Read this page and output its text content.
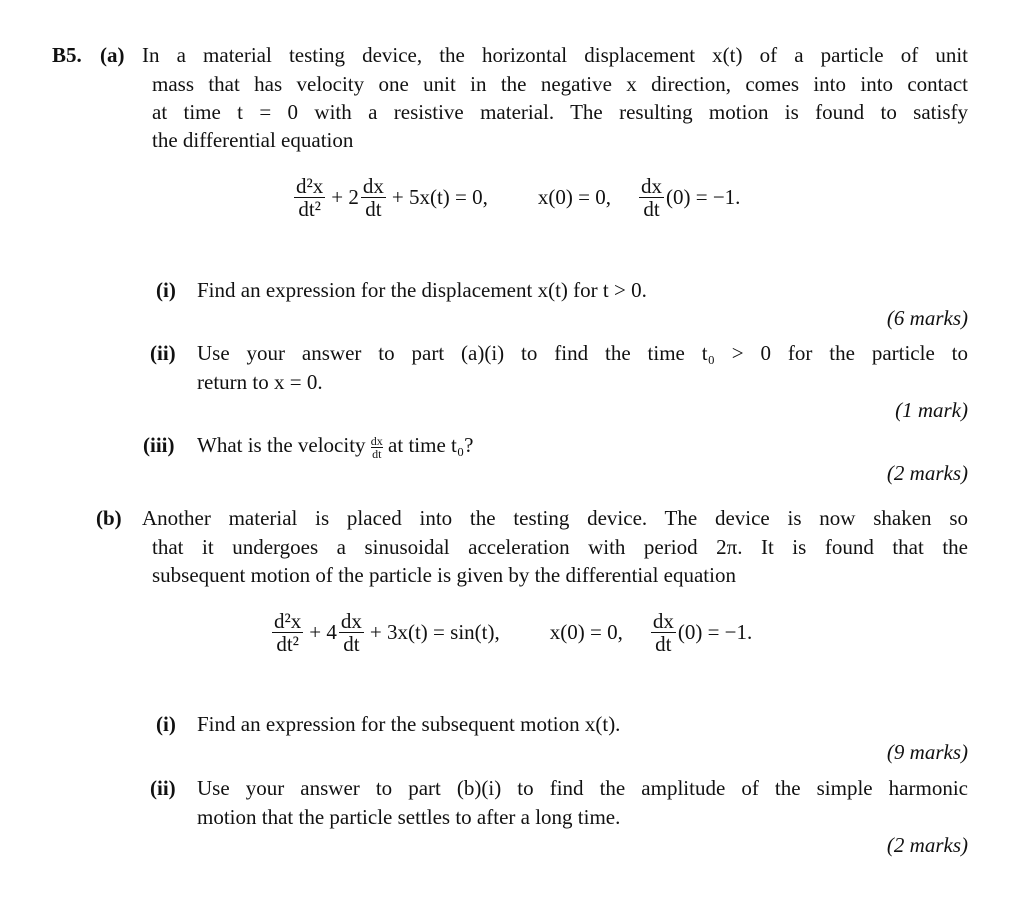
B5. (a) In a material testing device, the horizontal displacement x(t) of a particle of unit
mass that has velocity one unit in the negative x direction, comes into into contact
at time t = 0 with a resistive material. The resulting motion is found to satisfy
the differential equation
$\frac{\text{d²x}}{\text{dt²}} + 2 \frac{dx}{dt} + 5x(t) = 0$, x(0) = 0, $\frac{dx}{dt} (0) = -1$.
(i) Find an expression for the displacement x(t) for t > 0.
(6 marks)
(ii) Use your answer to part (a)(i) to find the time t₀ > 0 for the particle to
return to x = 0.
(1 mark)
(iii) What is the velocity $\frac{dx}{dt}$ at time t₀?
(2 marks)
(b) Another material is placed into the testing device. The device is now shaken so
that it undergoes a sinusoidal acceleration with period 2π. It is found that the
subsequent motion of the particle is given by the differential equation
$\frac{\text{d²x}}{\text{dt²}} + 4 \frac{dx}{dt} + 3x(t) = \sin(t)$, x(0) = 0, $\frac{dx}{dt} (0) = -1$.
(i) Find an expression for the subsequent motion x(t).
(9 marks)
(ii) Use your answer to part (b)(i) to find the amplitude of the simple harmonic
motion that the particle settles to after a long time.
(2 marks)
